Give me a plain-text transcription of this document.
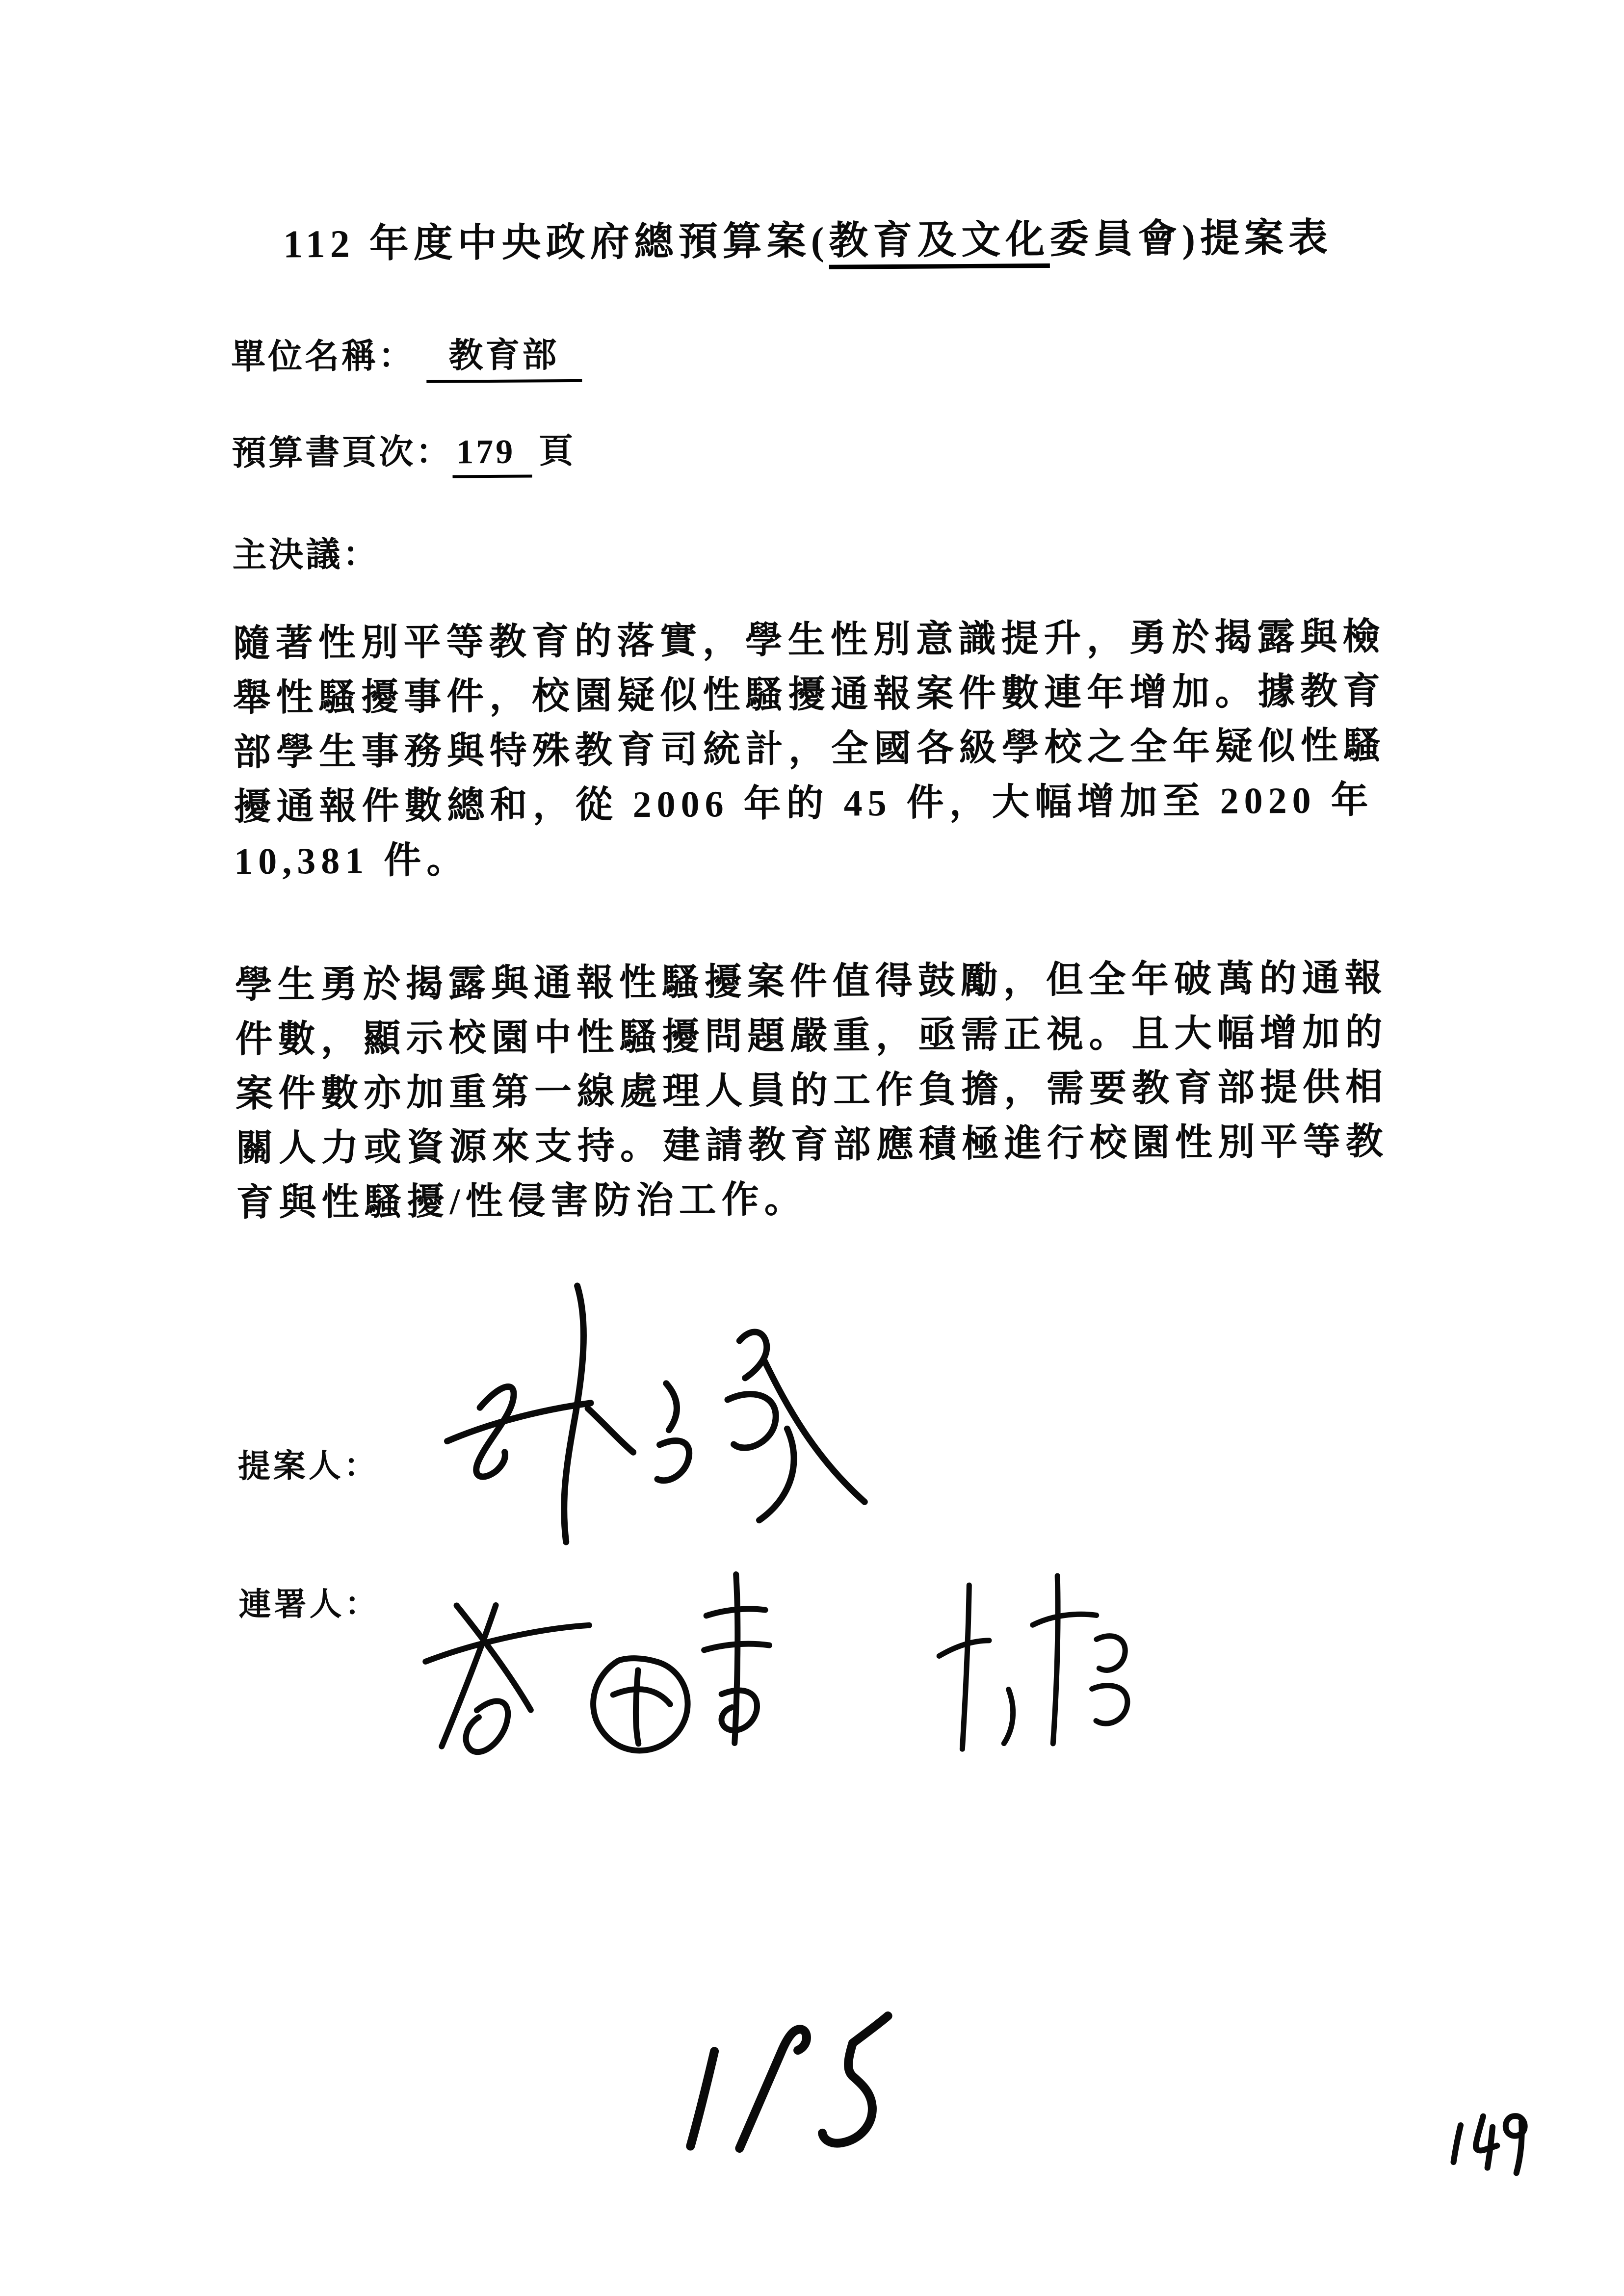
112 年度中央政府總預算案(教育及文化委員會)提案表
單位名稱： 教育部
預算書頁次： 179 頁
主決議：
隨著性別平等教育的落實，學生性別意識提升，勇於揭露與檢
舉性騷擾事件，校園疑似性騷擾通報案件數連年增加。據教育
部學生事務與特殊教育司統計，全國各級學校之全年疑似性騷
擾通報件數總和，從 2006 年的 45 件，大幅增加至 2020 年
10,381 件。
學生勇於揭露與通報性騷擾案件值得鼓勵，但全年破萬的通報
件數，顯示校園中性騷擾問題嚴重，亟需正視。且大幅增加的
案件數亦加重第一線處理人員的工作負擔，需要教育部提供相
關人力或資源來支持。建請教育部應積極進行校園性別平等教
育與性騷擾/性侵害防治工作。
提案人：
連署人：
